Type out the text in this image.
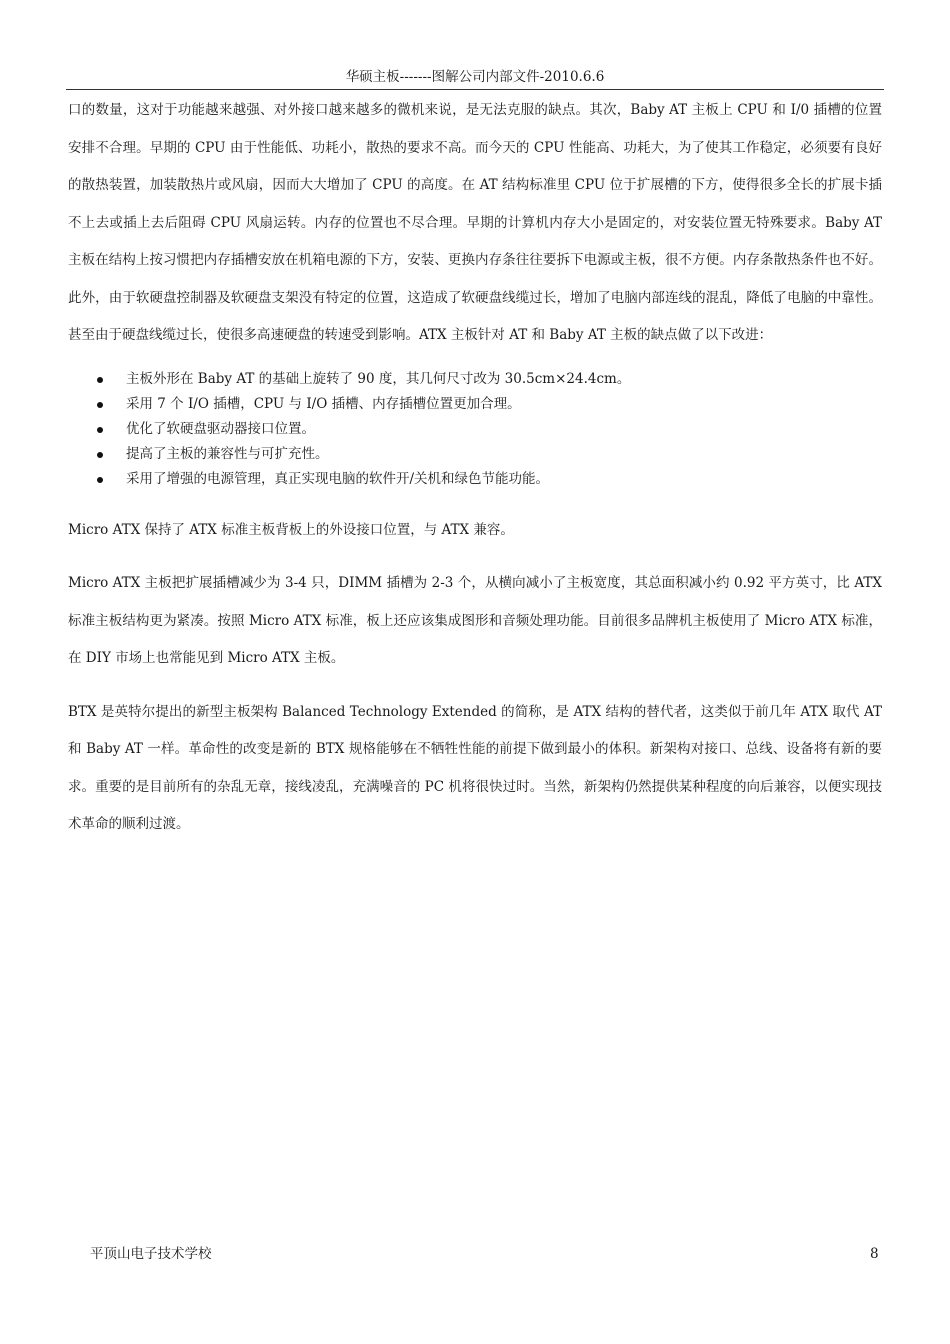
华硕主板-------图解公司内部文件-2010.6.6

口的数量，这对于功能越来越强、对外接口越来越多的微机来说，是无法克服的缺点。其次，Baby AT 主板上 CPU 和 I/0 插槽的位置安排不合理。早期的 CPU 由于性能低、功耗小，散热的要求不高。而今天的 CPU 性能高、功耗大，为了使其工作稳定，必须要有良好的散热装置，加装散热片或风扇，因而大大增加了 CPU 的高度。在 AT 结构标准里 CPU 位于扩展槽的下方，使得很多全长的扩展卡插不上去或插上去后阻碍 CPU 风扇运转。内存的位置也不尽合理。早期的计算机内存大小是固定的，对安装位置无特殊要求。Baby AT 主板在结构上按习惯把内存插槽安放在机箱电源的下方，安装、更换内存条往往要拆下电源或主板，很不方便。内存条散热条件也不好。此外，由于软硬盘控制器及软硬盘支架没有特定的位置，这造成了软硬盘线缆过长，增加了电脑内部连线的混乱，降低了电脑的中靠性。甚至由于硬盘线缆过长，使很多高速硬盘的转速受到影响。ATX 主板针对 AT 和 Baby AT 主板的缺点做了以下改进：

主板外形在 Baby AT 的基础上旋转了 90 度，其几何尺寸改为 30.5cm×24.4cm。
采用 7 个 I/O 插槽，CPU 与 I/O 插槽、内存插槽位置更加合理。
优化了软硬盘驱动器接口位置。
提高了主板的兼容性与可扩充性。
采用了增强的电源管理，真正实现电脑的软件开/关机和绿色节能功能。

Micro ATX 保持了 ATX 标准主板背板上的外设接口位置，与 ATX 兼容。

Micro ATX 主板把扩展插槽减少为 3-4 只，DIMM 插槽为 2-3 个，从横向减小了主板宽度，其总面积减小约 0.92 平方英寸，比 ATX 标准主板结构更为紧凑。按照 Micro ATX 标准，板上还应该集成图形和音频处理功能。目前很多品牌机主板使用了 Micro ATX 标准，在 DIY 市场上也常能见到 Micro ATX 主板。

BTX 是英特尔提出的新型主板架构 Balanced Technology Extended 的简称，是 ATX 结构的替代者，这类似于前几年 ATX 取代 AT 和 Baby AT 一样。革命性的改变是新的 BTX 规格能够在不牺牲性能的前提下做到最小的体积。新架构对接口、总线、设备将有新的要求。重要的是目前所有的杂乱无章，接线凌乱，充满噪音的 PC 机将很快过时。当然，新架构仍然提供某种程度的向后兼容，以便实现技术革命的顺利过渡。

平顶山电子技术学校	8
